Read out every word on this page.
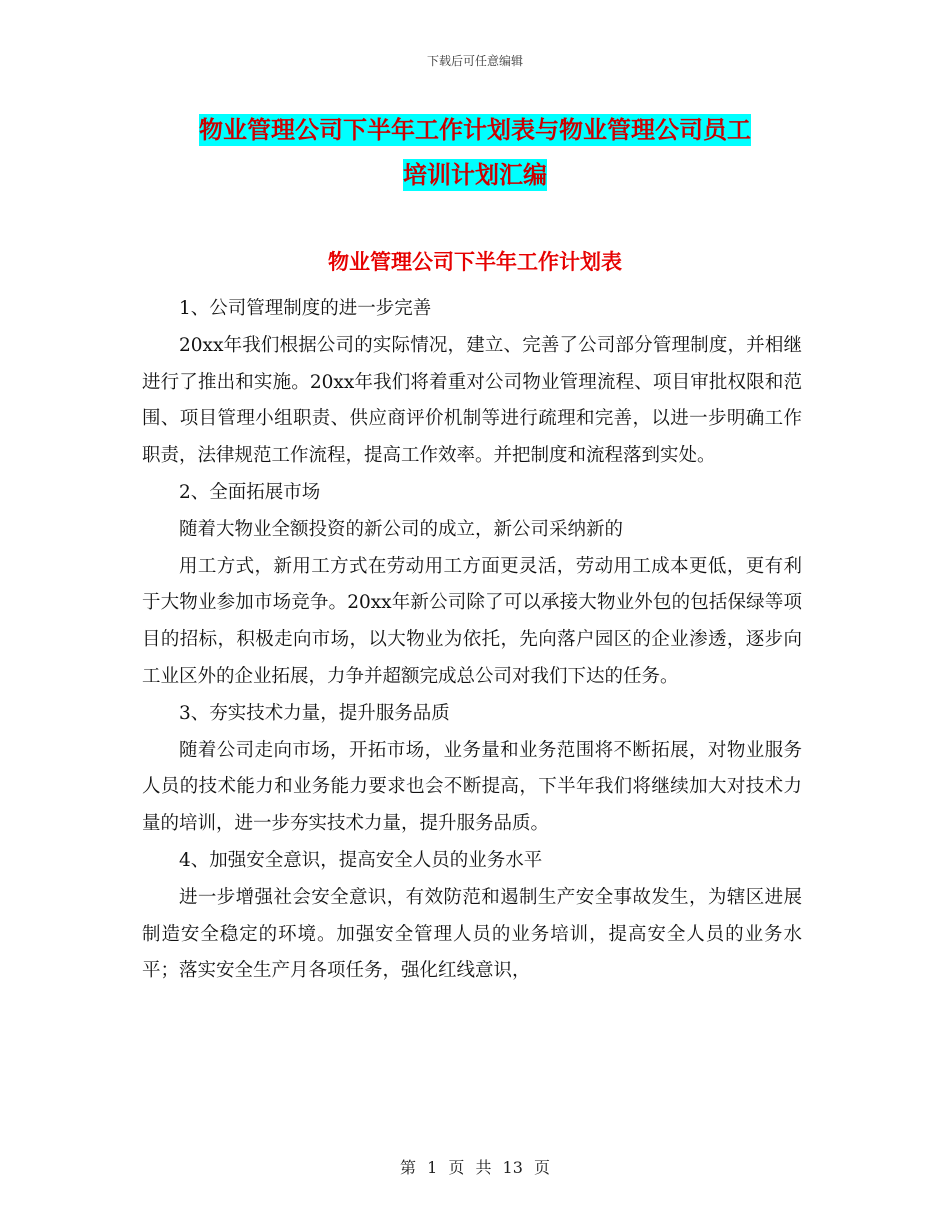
下载后可任意编辑
物业管理公司下半年工作计划表与物业管理公司员工
培训计划汇编
物业管理公司下半年工作计划表

1、公司管理制度的进一步完善

20xx年我们根据公司的实际情况，建立、完善了公司部分管理制度，并相继进行了推出和实施。20xx年我们将着重对公司物业管理流程、项目审批权限和范围、项目管理小组职责、供应商评价机制等进行疏理和完善，以进一步明确工作职责，法律规范工作流程，提高工作效率。并把制度和流程落到实处。

2、全面拓展市场

随着大物业全额投资的新公司的成立，新公司采纳新的

用工方式，新用工方式在劳动用工方面更灵活，劳动用工成本更低，更有利于大物业参加市场竞争。20xx年新公司除了可以承接大物业外包的包括保绿等项目的招标，积极走向市场，以大物业为依托，先向落户园区的企业渗透，逐步向工业区外的企业拓展，力争并超额完成总公司对我们下达的任务。

3、夯实技术力量，提升服务品质

随着公司走向市场，开拓市场，业务量和业务范围将不断拓展，对物业服务人员的技术能力和业务能力要求也会不断提高，下半年我们将继续加大对技术力量的培训，进一步夯实技术力量，提升服务品质。

4、加强安全意识，提高安全人员的业务水平

进一步增强社会安全意识，有效防范和遏制生产安全事故发生，为辖区进展制造安全稳定的环境。加强安全管理人员的业务培训，提高安全人员的业务水平；落实安全生产月各项任务，强化红线意识，

第 1 页 共 13 页
